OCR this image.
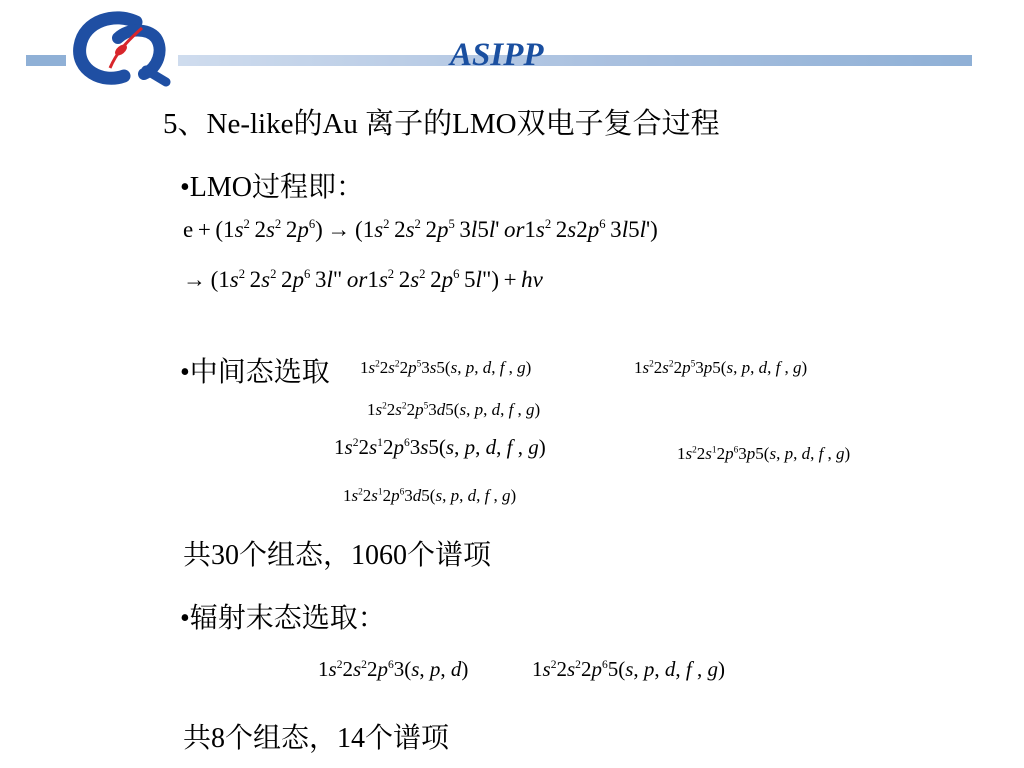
ASIPP
5、Ne-like的Au 离子的LMO双电子复合过程
•LMO过程即：
$e + (1s^2$ $2s^2$ $2p^6) \to (1s^2$ $2s^2$ $2p^5$ 3l5l' $or1s^2$ $2s2p^6$ 3l5l')
→ ($1s^2$ $2s^2$ $2p^6$ 3l" $or1s^2$ $2s^2$ $2p^6$ 5l") + hν
•中间态选取 $1s^22s^22p^53s5(s$, p, d, f , g)	$1s^22s^22p^53p5(s$, p, d, f , g)
$1s^22s^22p^53d5(s$, p, d, f , g)
$1s^22s^12p^63s5(s$, p, d, f , g)	$1s^22s^12p^63p5(s$, p, d, f , g)
$1s^22s^12p^63d5(s$, p, d, f , g)
共30个组态，1060个谱项
•辐射末态选取：
$1s^22s^22p^63(s$, p, d)	$1s^22s^22p^65(s$, p, d, f , g)
共8个组态，14个谱项
